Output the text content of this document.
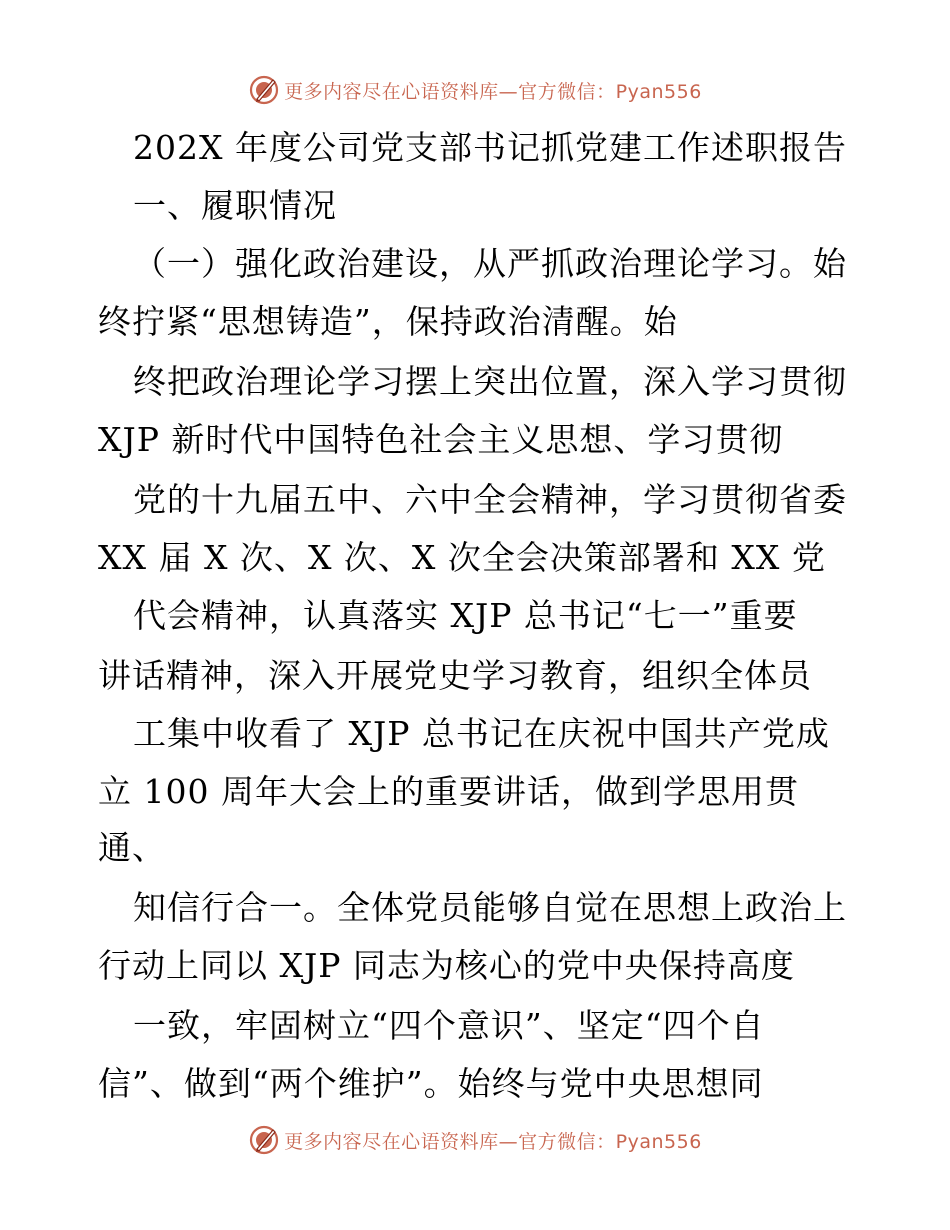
更多内容尽在心语资料库—官方微信：Pyan556
202X 年度公司党支部书记抓党建工作述职报告
一、履职情况
（一）强化政治建设，从严抓政治理论学习。始
终拧紧“思想铸造”，保持政治清醒。始
终把政治理论学习摆上突出位置，深入学习贯彻
XJP 新时代中国特色社会主义思想、学习贯彻
党的十九届五中、六中全会精神，学习贯彻省委
XX 届 X 次、X 次、X 次全会决策部署和 XX 党
代会精神，认真落实 XJP 总书记“七一”重要
讲话精神，深入开展党史学习教育，组织全体员
工集中收看了 XJP 总书记在庆祝中国共产党成
立 100 周年大会上的重要讲话，做到学思用贯
通、
知信行合一。全体党员能够自觉在思想上政治上
行动上同以 XJP 同志为核心的党中央保持高度
一致，牢固树立“四个意识”、坚定“四个自
信”、做到“两个维护”。始终与党中央思想同
更多内容尽在心语资料库—官方微信：Pyan556
